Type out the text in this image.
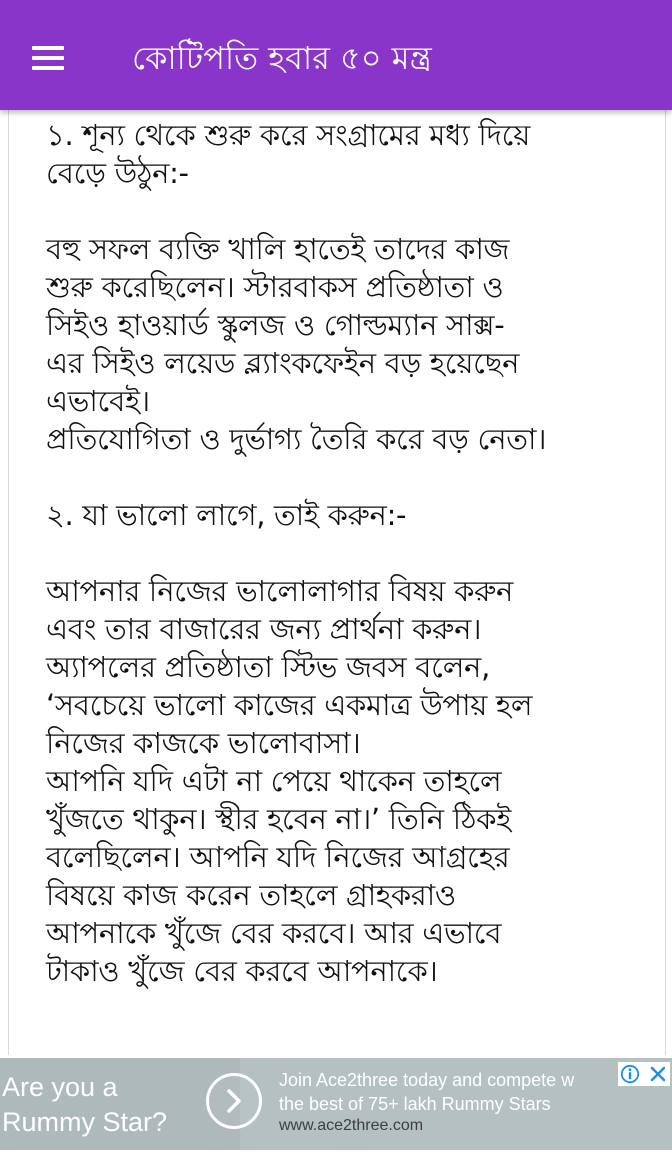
কোটিপতি হবার ৫০ মন্ত্র

১. শূন্য থেকে শুরু করে সংগ্রামের মধ্য দিয়ে

বেড়ে উঠুন:-

বহু সফল ব্যক্তি খালি হাতেই তাদের কাজ

শুরু করেছিলেন। স্টারবাকস প্রতিষ্ঠাতা ও

সিইও হাওয়ার্ড স্কুলজ ও গোল্ডম্যান সাক্স-

এর সিইও লয়েড ব্ল্যাংকফেইন বড় হয়েছেন

এভাবেই।

প্রতিযোগিতা ও দুর্ভাগ্য তৈরি করে বড় নেতা।

২. যা ভালো লাগে, তাই করুন:-

আপনার নিজের ভালোলাগার বিষয় করুন

এবং তার বাজারের জন্য প্রার্থনা করুন।

অ্যাপলের প্রতিষ্ঠাতা স্টিভ জবস বলেন,

‘সবচেয়ে ভালো কাজের একমাত্র উপায় হল

নিজের কাজকে ভালোবাসা।

আপনি যদি এটা না পেয়ে থাকেন তাহলে

খুঁজতে থাকুন। স্থীর হবেন না।’ তিনি ঠিকই

বলেছিলেন। আপনি যদি নিজের আগ্রহের

বিষয়ে কাজ করেন তাহলে গ্রাহকরাও

আপনাকে খুঁজে বের করবে। আর এভাবে

টাকাও খুঁজে বের করবে আপনাকে।

Are you a
Rummy Star?
Join Ace2three today and compete w
the best of 75+ lakh Rummy Stars
www.ace2three.com
